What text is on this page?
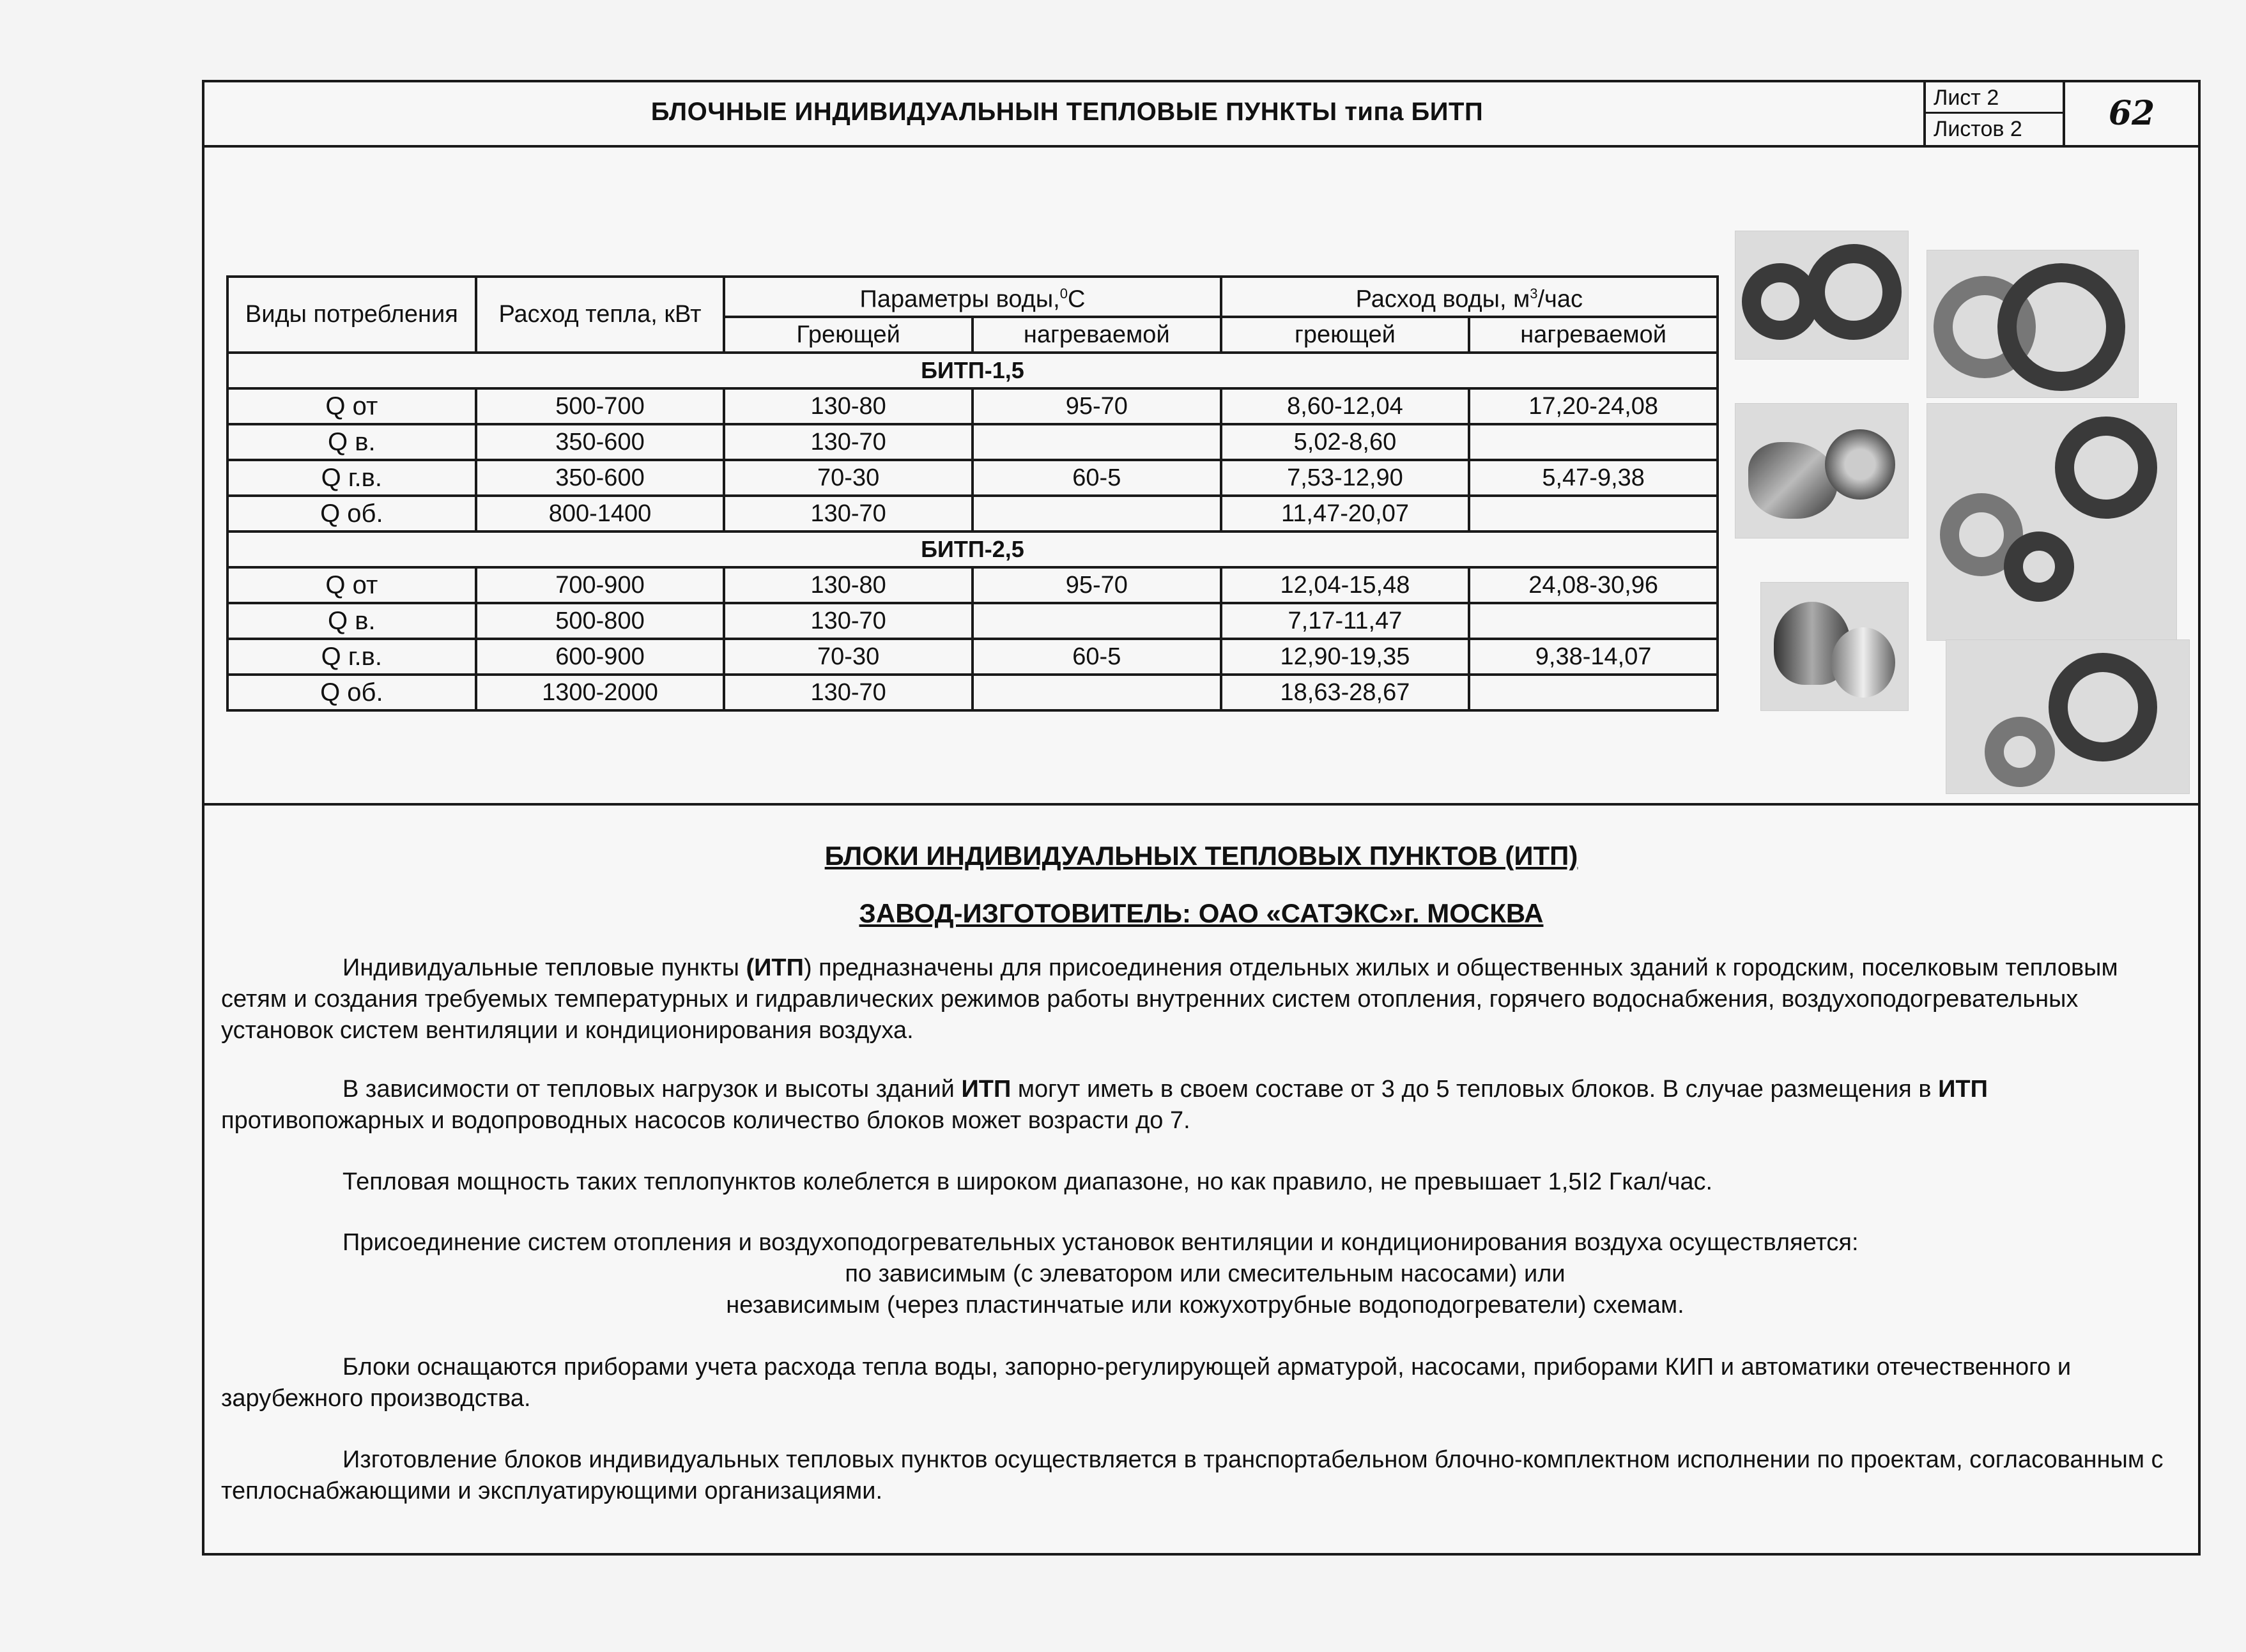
БЛОЧНЫЕ ИНДИВИДУАЛЬНЫН ТЕПЛОВЫЕ ПУНКТЫ типа БИТП	Лист 2
Листов 2	62
Виды потребления	Расход тепла, кВт	Параметры воды,$^0$С		Расход воды, $м^3$/час	
		Греющей	нагреваемой	греющей	нагреваемой
БИТП-1,5					
Q от	500-700	130-80	95-70	8,60-12,04	17,20-24,08
Q в.	350-600	130-70		5,02-8,60	
Q г.в.	350-600	70-30	60-5	7,53-12,90	5,47-9,38
Q об.	800-1400	130-70		11,47-20,07	
БИТП-2,5					
Q от	700-900	130-80	95-70	12,04-15,48	24,08-30,96
Q в.	500-800	130-70		7,17-11,47	
Q г.в.	600-900	70-30	60-5	12,90-19,35	9,38-14,07
Q об.	1300-2000	130-70		18,63-28,67	
БЛОКИ ИНДИВИДУАЛЬНЫХ ТЕПЛОВЫХ ПУНКТОВ (ИТП)
ЗАВОД-ИЗГОТОВИТЕЛЬ: ОАО «САТЭКС»г. МОСКВА
Индивидуальные тепловые пункты (ИТП) предназначены для присоединения отдельных жилых и общественных зданий к городским, поселковым тепловым сетям и создания требуемых температурных и гидравлических режимов работы внутренних систем отопления, горячего водоснабжения, воздухоподогревательных установок систем вентиляции и кондиционирования воздуха.
В зависимости от тепловых нагрузок и высоты зданий ИТП могут иметь в своем составе от 3 до 5 тепловых блоков. В случае размещения в ИТП противопожарных и водопроводных насосов количество блоков может возрасти до 7.
Тепловая мощность таких теплопунктов колеблется в широком диапазоне, но как правило, не превышает 1,5I2 Гкал/час.
Присоединение систем отопления и воздухоподогревательных установок вентиляции и кондиционирования воздуха осуществляется:
по зависимым (с элеватором или смесительным насосами) или
независимым (через пластинчатые или кожухотрубные водоподогреватели) схемам.
Блоки оснащаются приборами учета расхода тепла воды, запорно-регулирующей арматурой, насосами, приборами КИП и автоматики отечественного и зарубежного производства.
Изготовление блоков индивидуальных тепловых пунктов осуществляется в транспортабельном блочно-комплектном исполнении по проектам, согласованным с теплоснабжающими и эксплуатирующими организациями.
